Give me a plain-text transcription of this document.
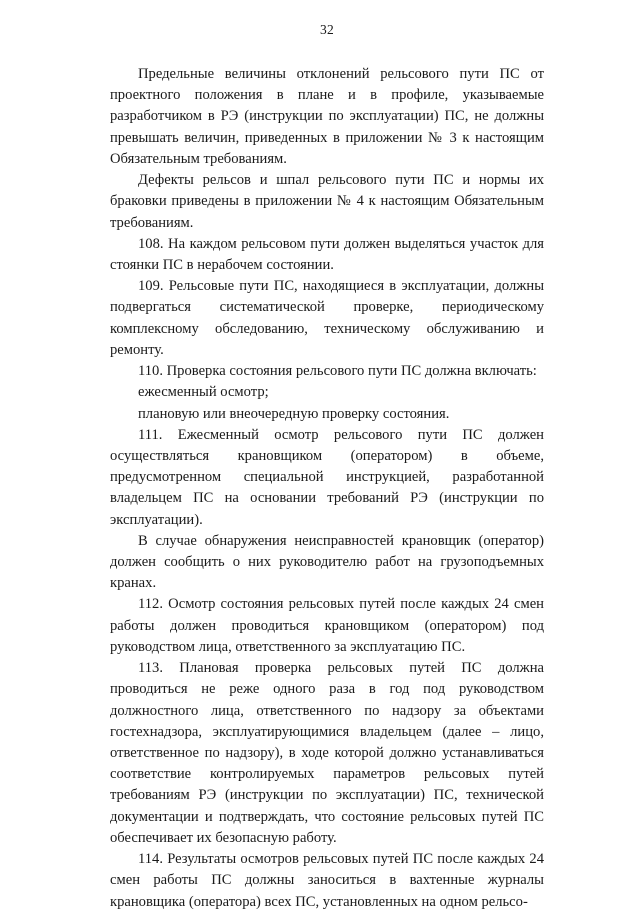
32

Предельные величины отклонений рельсового пути ПС от проектного положения в плане и в профиле, указываемые разработчиком в РЭ (инструкции по эксплуатации) ПС, не должны превышать величин, приведенных в приложении № 3 к настоящим Обязательным требованиям.

Дефекты рельсов и шпал рельсового пути ПС и нормы их браковки приведены в приложении № 4 к настоящим Обязательным требованиям.

108. На каждом рельсовом пути должен выделяться участок для стоянки ПС в нерабочем состоянии.

109. Рельсовые пути ПС, находящиеся в эксплуатации, должны подвергаться систематической проверке, периодическому комплексному обследованию, техническому обслуживанию и ремонту.

110. Проверка состояния рельсового пути ПС должна включать:

ежесменный осмотр;

плановую или внеочередную проверку состояния.

111. Ежесменный осмотр рельсового пути ПС должен осуществляться крановщиком (оператором) в объеме, предусмотренном специальной инструкцией, разработанной владельцем ПС на основании требований РЭ (инструкции по эксплуатации).

В случае обнаружения неисправностей крановщик (оператор) должен сообщить о них руководителю работ на грузоподъемных кранах.

112. Осмотр состояния рельсовых путей после каждых 24 смен работы должен проводиться крановщиком (оператором) под руководством лица, ответственного за эксплуатацию ПС.

113. Плановая проверка рельсовых путей ПС должна проводиться не реже одного раза в год под руководством должностного лица, ответственного по надзору за объектами гостехнадзора, эксплуатирующимися владельцем (далее – лицо, ответственное по надзору), в ходе которой должно устанавливаться соответствие контролируемых параметров рельсовых путей требованиям РЭ (инструкции по эксплуатации) ПС, технической документации и подтверждать, что состояние рельсовых путей ПС обеспечивает их безопасную работу.

114. Результаты осмотров рельсовых путей ПС после каждых 24 смен работы ПС должны заноситься в вахтенные журналы крановщика (оператора) всех ПС, установленных на одном рельсо-
